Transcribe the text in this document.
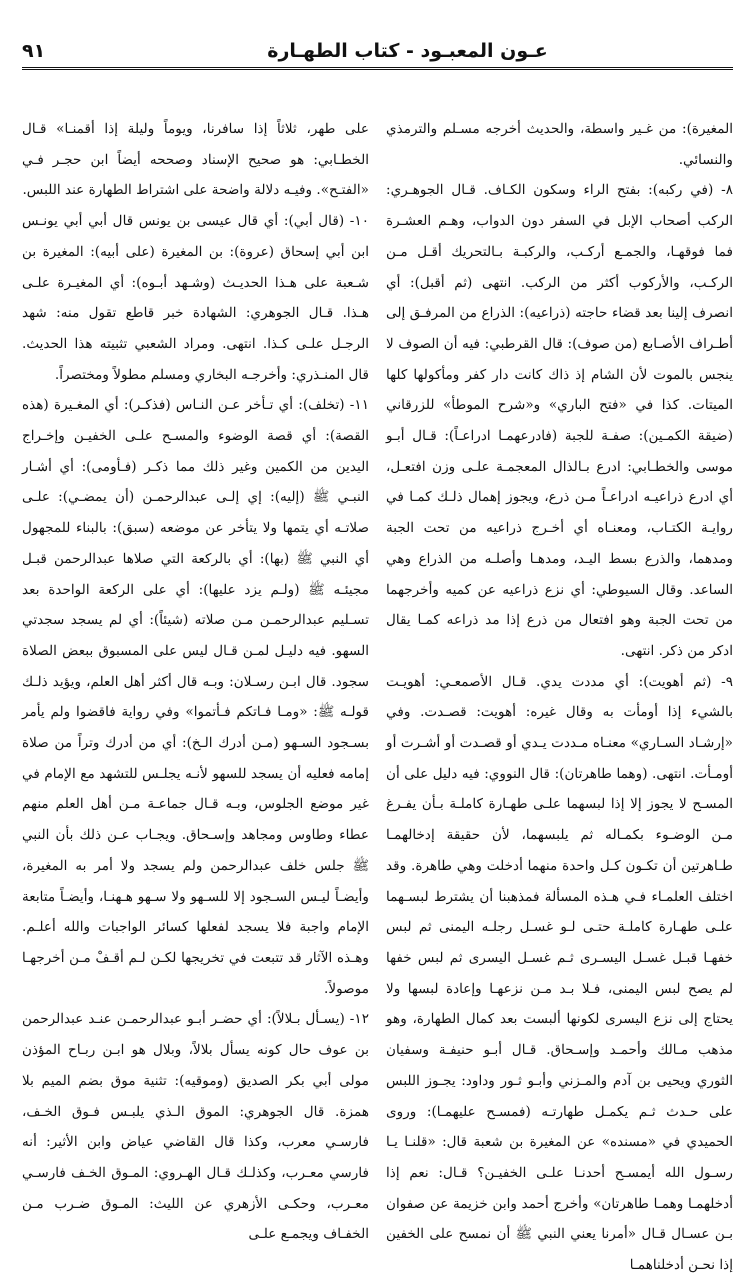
عـون المعبـود - كتاب الطهـارة
٩١

المغيرة): من غـير واسطة، والحديث أخرجه مسـلم والترمذي والنسائي.

٨- (في ركبه): بفتح الراء وسكون الكـاف. قـال الجوهـري: الركب أصحاب الإبل في السفر دون الدواب، وهـم العشـرة فما فوقهـا، والجمـع أركـب، والركبـة بـالتحريك أقـل مـن الركـب، والأركوب أكثر من الركب. انتهى (ثم أقبل): أي انصرف إلينا بعد قضاء حاجته (ذراعيه): الذراع من المرفـق إلى أطـراف الأصـابع (من صوف): قال القرطبي: فيه أن الصوف لا ينجس بالموت لأن الشام إذ ذاك كانت دار كفر ومأكولها كلها الميتات. كذا في «فتح الباري» و«شرح الموطأ» للزرقاني (ضيقة الكمـين): صفـة للجبة (فادرعهمـا ادراعـاً): قـال أبـو موسى والخطـابي: ادرع بـالذال المعجمـة علـى وزن افتعـل، أي ادرع ذراعيـه ادراعـاً مـن ذرع، ويجوز إهمال ذلـك كمـا في روايـة الكتـاب، ومعنـاه أي أخـرج ذراعيه من تحت الجبة ومدهما، والذرع بسط اليـد، ومدهـا وأصلـه من الذراع وهي الساعد. وقال السيوطي: أي نزع ذراعيه عن كميه وأخرجهما من تحت الجبة وهو افتعال من ذرع إذا مد ذراعه كمـا يقال ادكر من ذكر. انتهى.

٩- (ثم أهويت): أي مددت يدي. قـال الأصمعـي: أهويـت بالشيء إذا أومأت به وقال غيره: أهويت: قصـدت. وفي «إرشـاد السـاري» معنـاه مـددت يـدي أو قصـدت أو أشـرت أو أومـأت. انتهى. (وهما طاهرتان): قال النووي: فيه دليل على أن المسـح لا يجوز إلا إذا لبسهما علـى طهـارة كاملـة بـأن يفـرغ مـن الوضـوء بكمـاله ثم يلبسهما، لأن حقيقة إدخالهمـا طـاهرتين أن تكـون كـل واحدة منهما أدخلت وهي طاهرة. وقد اختلف العلمـاء فـي هـذه المسألة فمذهبنا أن يشترط لبسـهما علـى طهـارة كاملـة حتـى لـو غسـل رجلـه اليمنى ثم لبس خفهـا قبـل غسـل اليسـرى ثـم غسـل اليسرى ثم لبس خفها لم يصح لبس اليمنى، فـلا بـد مـن نزعهـا وإعادة لبسها ولا يحتاج إلى نزع اليسرى لكونها ألبست بعد كمال الطهارة، وهو مذهب مـالك وأحمـد وإسـحاق. قـال أبـو حنيفـة وسفيان الثوري ويحيى بن آدم والمـزني وأبـو ثـور وداود: يجـوز اللبس على حـدث ثـم يكمـل طهارتـه (فمسـح عليهمـا): وروى الحميدي في «مسنده» عن المغيرة بن شعبة قال: «قلنـا يـا رسـول الله أيمسـح أحدنـا علـى الخفيـن؟ قـال: نعم إذا أدخلهمـا وهمـا طاهرتان» وأخرج أحمد وابن خزيمة عن صفوان بـن عسـال قـال «أمرنا يعني النبي ﷺ أن نمسح على الخفين إذا نحـن أدخلناهمـا

على طهر، ثلاثاً إذا سافرنا، ويوماً وليلة إذا أقمنـا» قـال الخطـابي: هو صحيح الإسناد وصححه أيضاً ابن حجـر فـي «الفتـح». وفيـه دلالة واضحة على اشتراط الطهارة عند اللبس.

١٠- (قال أبي): أي قال عيسى بن يونس قال أبي أبي يونـس ابن أبي إسحاق (عروة): بن المغيرة (على أبيه): المغيرة بن شـعبة على هـذا الحديـث (وشـهد أبـوه): أي المغيـرة علـى هـذا. قـال الجوهري: الشهادة خبر قاطع تقول منه: شهد الرجـل علـى كـذا. انتهى. ومراد الشعبي تثبيته هذا الحديث. قال المنـذري: وأخرجـه البخاري ومسلم مطولاً ومختصراً.

١١- (تخلف): أي تـأخر عـن النـاس (فذكـر): أي المغـيرة (هذه القصة): أي قصة الوضوء والمسـح علـى الخفيـن وإخـراج اليدين من الكمين وغير ذلك مما ذكـر (فـأومى): أي أشـار النبـي ﷺ (إليه): إي إلـى عبدالرحمـن (أن يمضـي): علـى صلاتـه أي يتمها ولا يتأخر عن موضعه (سبق): بالبناء للمجهول أي النبي ﷺ (بها): أي بالركعة التي صلاها عبدالرحمن قبـل مجيئـه ﷺ (ولـم يزد عليها): أي على الركعة الواحدة بعد تسـليم عبدالرحمـن مـن صلاته (شيئاً): أي لم يسجد سجدتي السهو. فيه دليـل لمـن قـال ليس على المسبوق ببعض الصلاة سجود. قال ابـن رسـلان: وبـه قال أكثر أهل العلم، ويؤيد ذلـك قولـه ﷺ: «ومـا فـاتكم فـأتموا» وفي رواية فاقضوا ولم يأمر بسـجود السـهو (مـن أدرك الـخ): أي من أدرك وتراً من صلاة إمامه فعليه أن يسجد للسهو لأنـه يجلـس للتشهد مع الإمام في غير موضع الجلوس، وبـه قـال جماعـة مـن أهل العلم منهم عطاء وطاوس ومجاهد وإسـحاق. ويجـاب عـن ذلك بأن النبي ﷺ جلس خلف عبدالرحمن ولم يسجد ولا أمر به المغيرة، وأيضـاً ليـس السـجود إلا للسـهو ولا سـهو هـهنـا، وأيضـاً متابعة الإمام واجبة فلا يسجد لفعلها كسائر الواجبات والله أعلـم. وهـذه الآثار قد تتبعت في تخريجها لكـن لـم أقـفْ مـن أخرجهـا موصولاً.

١٢- (يسـأل بـلالاً): أي حضـر أبـو عبدالرحمـن عنـد عبدالرحمن بن عوف حال كونه يسأل بلالاً، وبلال هو ابـن ربـاح المؤذن مولى أبي بكر الصديق (وموقيه): تثنية موق بضم الميم بلا همزة. قال الجوهري: الموق الـذي يلبـس فـوق الخـف، فارسـي معرب، وكذا قال القاضي عياض وابن الأثير: أنه فارسي معـرب، وكذلـك قـال الهـروي: المـوق الخـف فارسـي معـرب، وحكـى الأزهري عن الليث: المـوق ضـرب مـن الخفـاف ويجمـع علـى
